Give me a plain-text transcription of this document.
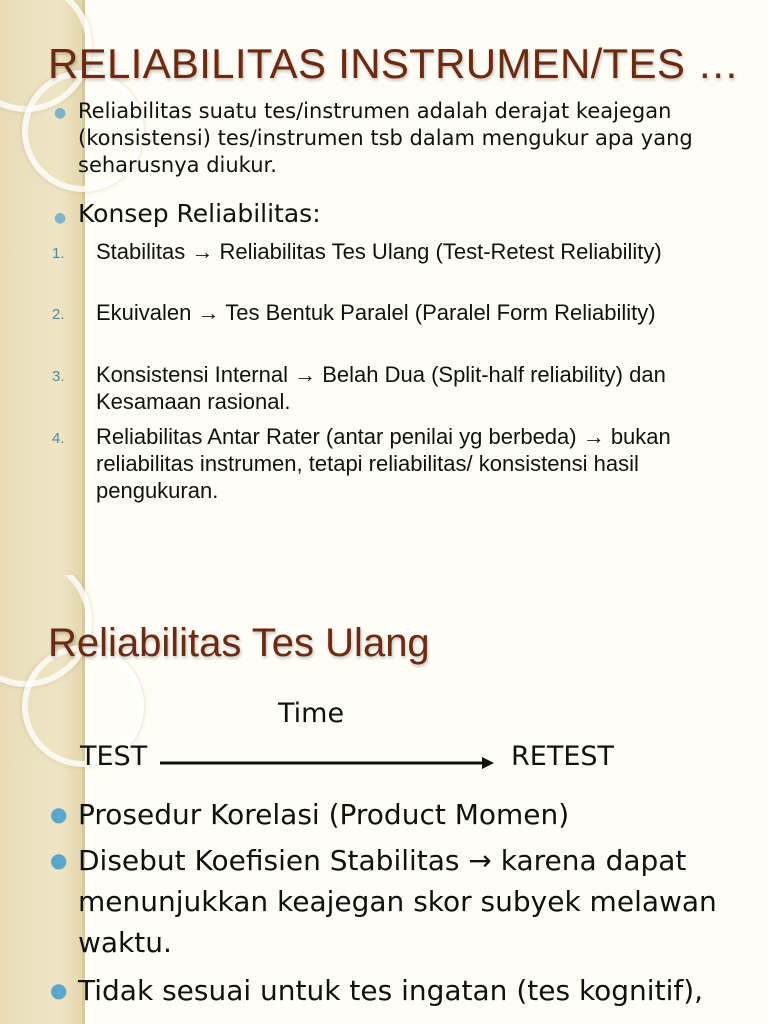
RELIABILITAS INSTRUMEN/TES …
● Reliabilitas suatu tes/instrumen adalah derajat keajegan (konsistensi) tes/instrumen tsb dalam mengukur apa yang seharusnya diukur.
● Konsep Reliabilitas:
1.	Stabilitas → Reliabilitas Tes Ulang (Test-Retest Reliability)
2.	Ekuivalen → Tes Bentuk Paralel (Paralel Form Reliability)
3.	Konsistensi Internal → Belah Dua (Split-half reliability) dan Kesamaan rasional.
4.	Reliabilitas Antar Rater (antar penilai yg berbeda) → bukan reliabilitas instrumen, tetapi reliabilitas/ konsistensi hasil pengukuran.
Reliabilitas Tes Ulang
Time
TEST	RETEST
● Prosedur Korelasi (Product Momen)
● Disebut Koefisien Stabilitas → karena dapat menunjukkan keajegan skor subyek melawan waktu.
● Tidak sesuai untuk tes ingatan (tes kognitif),
